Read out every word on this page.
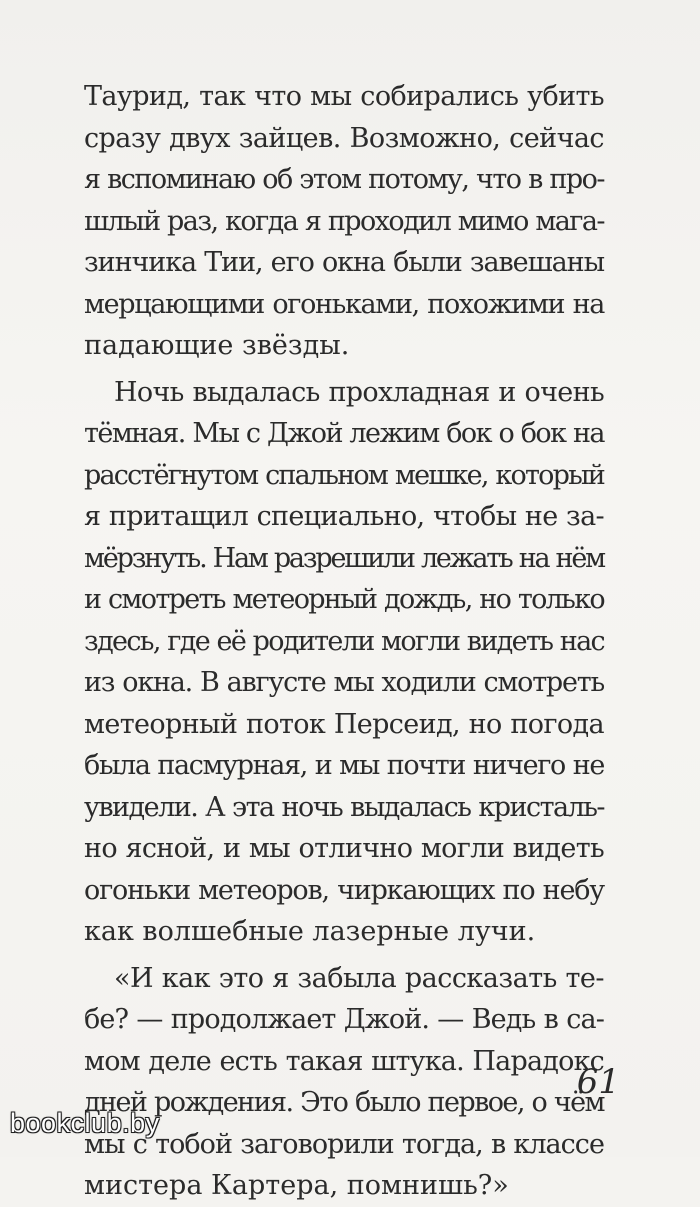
Таурид, так что мы собирались убить
сразу двух зайцев. Возможно, сейчас
я вспоминаю об этом потому, что в про-
шлый раз, когда я проходил мимо мага-
зинчика Тии, его окна были завешаны
мерцающими огоньками, похожими на
падающие звёзды.
Ночь выдалась прохладная и очень
тёмная. Мы с Джой лежим бок о бок на
расстёгнутом спальном мешке, который
я притащил специально, чтобы не за-
мёрзнуть. Нам разрешили лежать на нём
и смотреть метеорный дождь, но только
здесь, где её родители могли видеть нас
из окна. В августе мы ходили смотреть
метеорный поток Персеид, но погода
была пасмурная, и мы почти ничего не
увидели. А эта ночь выдалась кристаль-
но ясной, и мы отлично могли видеть
огоньки метеоров, чиркающих по небу
как волшебные лазерные лучи.
«И как это я забыла рассказать те-
бе? — продолжает Джой. — Ведь в са-
мом деле есть такая штука. Парадокс
дней рождения. Это было первое, о чём
мы с тобой заговорили тогда, в классе
мистера Картера, помнишь?»
61
bookclub.by
